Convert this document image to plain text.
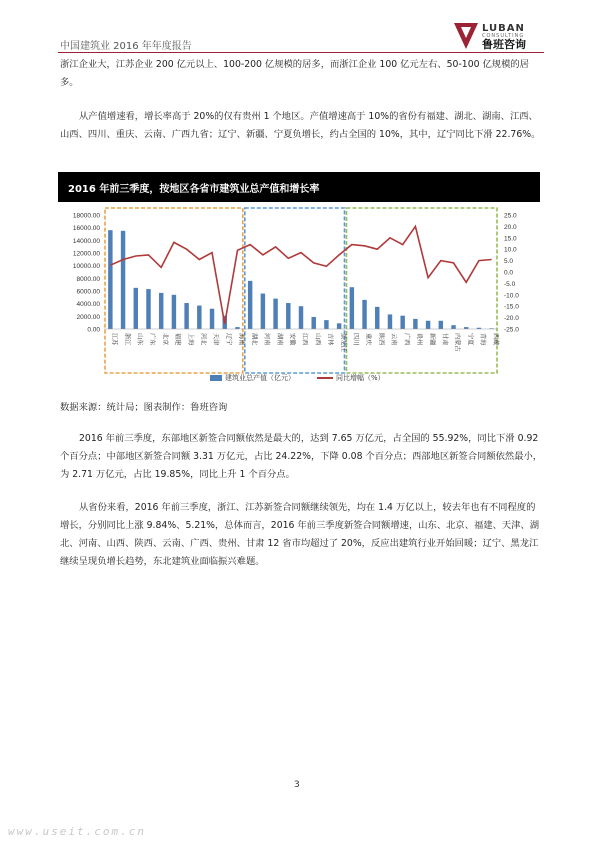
中国建筑业 2016 年年度报告
LUBAN
CONSULTING
鲁班咨询

浙江企业大，江苏企业 200 亿元以上、100-200 亿规模的居多，而浙江企业 100 亿元左右、50-100 亿规模的居多。

从产值增速看，增长率高于 20%的仅有贵州 1 个地区。产值增速高于 10%的省份有福建、湖北、湖南、江西、山西、四川、重庆、云南、广西九省；辽宁、新疆、宁夏负增长，约占全国的 10%，其中，辽宁同比下滑 22.76%。

2016 年前三季度，按地区各省市建筑业总产值和增长率
18000.00
16000.00
14000.00
12000.00
10000.00
8000.00
6000.00
4000.00
2000.00
0.00
25.0
20.0
15.0
10.0
5.0
0.0
-5.0
-10.0
-15.0
-20.0
-25.0
江苏 浙江 山东 广东 北京 福建 上海 河北 天津 辽宁 海南 湖北 河南 湖南 安徽 江西 山西 吉林 黑龙江 四川 重庆 陕西 云南 广西 贵州 新疆 甘肃 内蒙古 宁夏 青海 西藏
建筑业总产值（亿元）	同比增幅（%）
数据来源：统计局；图表制作：鲁班咨询

2016 年前三季度，东部地区新签合同额依然是最大的，达到 7.65 万亿元，占全国的 55.92%，同比下滑 0.92 个百分点；中部地区新签合同额 3.31 万亿元，占比 24.22%，下降 0.08 个百分点；西部地区新签合同额依然最小，为 2.71 万亿元，占比 19.85%，同比上升 1 个百分点。

从省份来看，2016 年前三季度，浙江、江苏新签合同额继续领先，均在 1.4 万亿以上，较去年也有不同程度的增长，分别同比上涨 9.84%、5.21%，总体而言，2016 年前三季度新签合同额增速，山东、北京、福建、天津、湖北、河南、山西、陕西、云南、广西、贵州、甘肃 12 省市均超过了 20%，反应出建筑行业开始回暖；辽宁、黑龙江继续呈现负增长趋势，东北建筑业面临振兴难题。

3
www.useit.com.cn
